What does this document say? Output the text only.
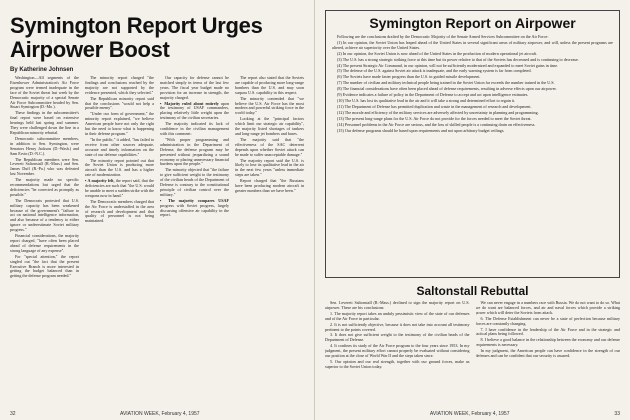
Symington Report Urges Airpower Boost
By Katherine Johnsen

Washington—All segments of the Eisenhower Administration's Air Force program were termed inadequate in the face of the Soviet threat last week by the Democratic majority of a special Senate Air Force Subcommittee headed by Sen. Stuart Symington (D.-Mo.).

These findings in the subcommittee's final report were based on extensive hearings held last spring and summer. They were challenged down the line in a Republican minority rebuttal.

Democratic subcommittee members, in addition to Sen. Symington, were Senators Henry Jackson (D.-Wash.) and Sam Ervin (D.-N.C.).

The Republican members were Sen. Leverett Saltonstall (R.-Mass.) and Sen. James Duff (R.-Pa.) who was defeated last November.

The majority made no specific recommendations but urged that the deficiencies "be corrected as promptly as possible."

The Democrats protested that U.S. military capacity has been weakened because of the government's "failure to act on national intelligence information, and also because of a tendency to either ignore or underestimate Soviet military progress."

Financial considerations, the majority report charged, "have often been placed ahead of defense requirements in the strong language of any expense".

For "special attention," the report singled out "the fact that the present Executive Branch is more interested in getting the budget balanced than in getting the defense program needed."

The minority report charged "the findings and conclusions reached by the majority are not supported by the evidence presented, which they selected."

The Republican minority report said that the conclusions "would not help a possible enemy".

"Under our form of government," the minority report explained, "we believe American people have not only the right but the need to know what is happening in their defense program."

"In the public," it added, "has failed to receive from other sources adequate, accurate and timely information on the state of our defense capabilities."

The minority report pointed out that the Soviet Union is producing more aircraft than the U.S. and has a higher rate of modernization.

▪ A majority felt, the report said, that the deficiencies are such that "the U.S. would be unable to meet a sudden strike with the weapons now in hand."

The Democratic members charged that the Air Force is understaffed in the area of research and development and that quality of personnel is not being maintained.

Our capacity for defense cannot be matched simply in terms of the last few years. The fiscal year budget made no provision for an increase in strength, the majority charged.

▪ Majority ruled about entirely upon the testimony of USAF commanders, placing relatively little weight upon the testimony of the civilian secretaries.

The majority indicated its lack of confidence in the civilian management with this comment:

"With proper programming and administration in the Department of Defense, the defense program may be presented without jeopardizing a sound economy or placing unnecessary financial burdens upon the people."

The minority objected that "the failure to give sufficient weight to the testimony of the civilian heads of the Department of Defense is contrary to the constitutional principle of civilian control over the military."

▪ The majority compares USAF progress with Soviet progress, largely discussing offensive air capability in the report.

The report also stated that the Soviets are capable of producing more long-range bombers than the U.S. and may soon surpass U.S. capability in this respect.

The minority contended that "we believe the U.S. Air Force has the most modern and powerful striking force in the world today."

Looking at the "principal factors which limit our strategic air capability", the majority listed shortages of tankers and long-range jet bombers and bases.

The majority said that "the effectiveness of the SAC deterrent depends upon whether Soviet attack can be made to suffer unacceptable damage."

The majority report said the U.S. is likely to lose its qualitative lead in the air in the next few years "unless immediate steps are taken."

Report charged that "the Russians have been producing modern aircraft in greater numbers than we have been."

32	AVIATION WEEK, February 4, 1957
Symington Report on Airpower

Following are the conclusions drafted by the Democratic Majority of the Senate Armed Services Subcommittee on the Air Force:

(1) In our opinion, the Soviet Union has leaped ahead of the United States in several significant areas of military airpower, and will, unless the present programs are altered, achieve air superiority over the United States.

(2) In our opinion, the Soviet Union is now ahead of the United States in the production of modern operational jet aircraft.

(3) The U.S. has a strong strategic striking force at this time but its power relative to that of the Soviets has decreased and is continuing to decrease.

(4) The present Strategic Air Command, in our opinion, will not be sufficiently modernized and expanded to meet Soviet gains in time.

(5) The defense of the U.S. against Soviet air attack is inadequate, and the early warning system is far from completed.

(6) The Soviets have made faster progress than the U.S. in guided missile development.

(7) The number of civilian and military technical people being trained in the Soviet Union far exceeds the number trained in the U.S.

(8) The financial considerations have often been placed ahead of defense requirements, resulting in adverse effects upon our airpower.

(9) Evidence indicates a failure of policy in the Department of Defense to accept and act upon intelligence estimates.

(10) The U.S. has lost its qualitative lead in the air and it will take a strong and determined effort to regain it.

(11) The Department of Defense has permitted duplication and waste in the management of research and development.

(12) The morale and efficiency of the military services are adversely affected by uncertainty in planning and programming.

(13) The present long-range plans for the U.S. Air Force do not provide for the forces needed to meet the Soviet threat.

(14) Personnel problems in the Air Force are serious, and the loss of skilled people is a continuing drain on effectiveness.

(15) Our defense programs should be based upon requirements and not upon arbitrary budget ceilings.

Saltonstall Rebuttal

Sen. Leverett Saltonstall (R.-Mass.) declined to sign the majority report on U.S. airpower. These are his conclusions:

1. The majority report takes an unduly pessimistic view of the state of our defenses and of the Air Force in particular.

2. It is not sufficiently objective, because it does not take into account all testimony pertinent to the points covered.

3. It does not give sufficient weight to the testimony of the civilian heads of the Department of Defense.

4. It confines its study of the Air Force program to the four years since 1953. In my judgment, the present military effort cannot properly be evaluated without considering our position at the close of World War II and the steps taken since.

5. Our opinion and our real strength, together with our ground forces, make us superior to the Soviet Union today.

We can never engage in a numbers race with Russia. We do not want to do so. What we do want are balanced forces, and air and naval forces which provide a striking power which will deter the Soviets from attack.

6. The Defense Establishment can never be a state of perfection because military forces are constantly changing.

7. I have confidence in the leadership of the Air Force and in the strategic and tactical plans being followed.

8. I believe a good balance in the relationship between the economy and our defense requirements is necessary.

In my judgment, the American people can have confidence in the strength of our defenses and can be confident that our security is assured.

AVIATION WEEK, February 4, 1957	33
